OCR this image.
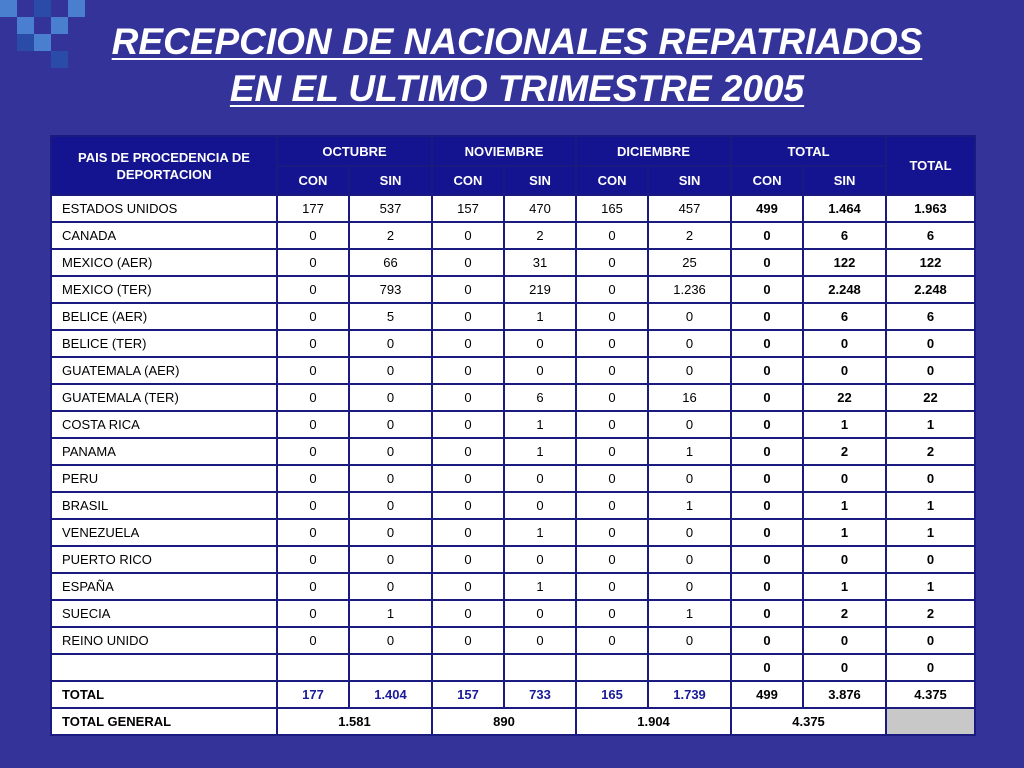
RECEPCION DE NACIONALES REPATRIADOS
EN EL ULTIMO TRIMESTRE 2005
PAIS DE PROCEDENCIA DE DEPORTACION	OCTUBRE		NOVIEMBRE		DICIEMBRE		TOTAL		TOTAL
	CON	SIN	CON	SIN	CON	SIN	CON	SIN	
ESTADOS UNIDOS	177	537	157	470	165	457	499	1.464	1.963
CANADA	0	2	0	2	0	2	0	6	6
MEXICO (AER)	0	66	0	31	0	25	0	122	122
MEXICO (TER)	0	793	0	219	0	1.236	0	2.248	2.248
BELICE (AER)	0	5	0	1	0	0	0	6	6
BELICE (TER)	0	0	0	0	0	0	0	0	0
GUATEMALA (AER)	0	0	0	0	0	0	0	0	0
GUATEMALA (TER)	0	0	0	6	0	16	0	22	22
COSTA RICA	0	0	0	1	0	0	0	1	1
PANAMA	0	0	0	1	0	1	0	2	2
PERU	0	0	0	0	0	0	0	0	0
BRASIL	0	0	0	0	0	1	0	1	1
VENEZUELA	0	0	0	1	0	0	0	1	1
PUERTO RICO	0	0	0	0	0	0	0	0	0
ESPAÑA	0	0	0	1	0	0	0	1	1
SUECIA	0	1	0	0	0	1	0	2	2
REINO UNIDO	0	0	0	0	0	0	0	0	0
							0	0	0
TOTAL	177	1.404	157	733	165	1.739	499	3.876	4.375
TOTAL GENERAL	1.581		890		1.904		4.375		
